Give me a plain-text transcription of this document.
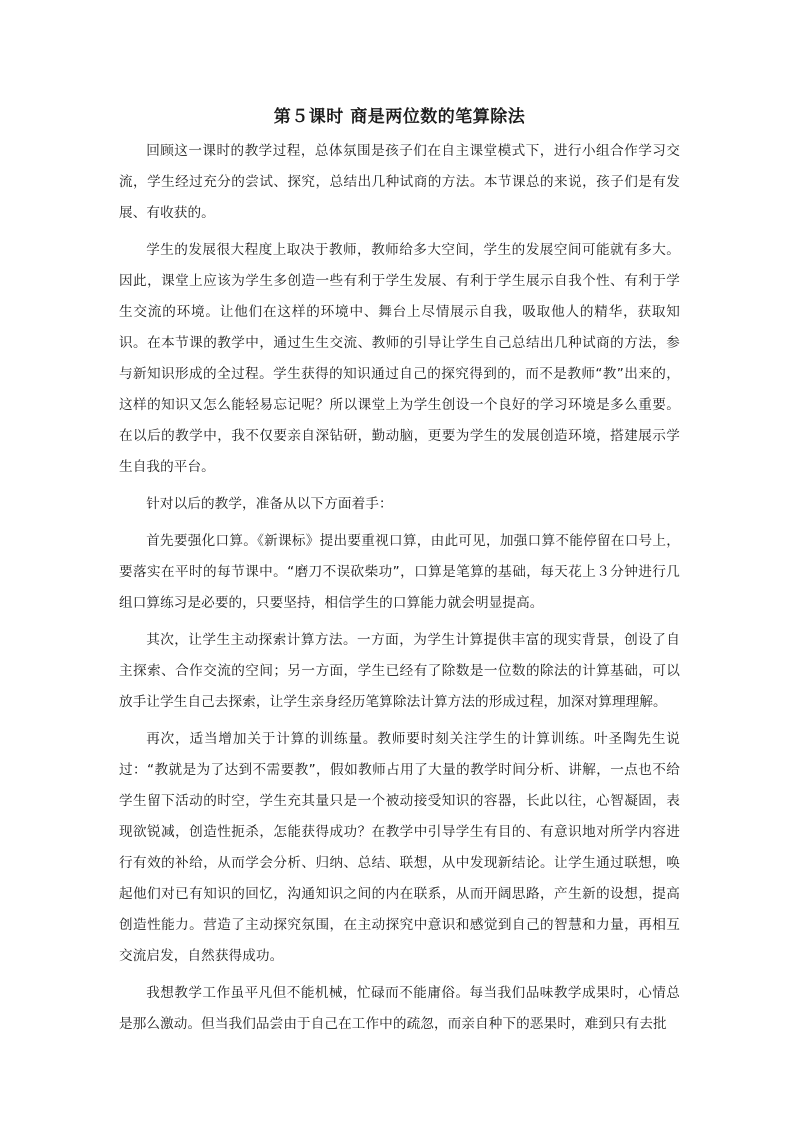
第５课时 商是两位数的笔算除法

回顾这一课时的教学过程，总体氛围是孩子们在自主课堂模式下，进行小组合作学习交流，学生经过充分的尝试、探究，总结出几种试商的方法。本节课总的来说，孩子们是有发展、有收获的。

学生的发展很大程度上取决于教师，教师给多大空间，学生的发展空间可能就有多大。因此，课堂上应该为学生多创造一些有利于学生发展、有利于学生展示自我个性、有利于学生交流的环境。让他们在这样的环境中、舞台上尽情展示自我，吸取他人的精华，获取知识。在本节课的教学中，通过生生交流、教师的引导让学生自己总结出几种试商的方法，参与新知识形成的全过程。学生获得的知识通过自己的探究得到的，而不是教师“教”出来的，这样的知识又怎么能轻易忘记呢？所以课堂上为学生创设一个良好的学习环境是多么重要。在以后的教学中，我不仅要亲自深钻研，勤动脑，更要为学生的发展创造环境，搭建展示学生自我的平台。

针对以后的教学，准备从以下方面着手：

首先要强化口算。《新课标》提出要重视口算，由此可见，加强口算不能停留在口号上，要落实在平时的每节课中。“磨刀不误砍柴功”，口算是笔算的基础，每天花上３分钟进行几组口算练习是必要的，只要坚持，相信学生的口算能力就会明显提高。

其次，让学生主动探索计算方法。一方面，为学生计算提供丰富的现实背景，创设了自主探索、合作交流的空间；另一方面，学生已经有了除数是一位数的除法的计算基础，可以放手让学生自己去探索，让学生亲身经历笔算除法计算方法的形成过程，加深对算理理解。

再次，适当增加关于计算的训练量。教师要时刻关注学生的计算训练。叶圣陶先生说过：“教就是为了达到不需要教”，假如教师占用了大量的教学时间分析、讲解，一点也不给学生留下活动的时空，学生充其量只是一个被动接受知识的容器，长此以往，心智凝固，表现欲锐减，创造性扼杀，怎能获得成功？在教学中引导学生有目的、有意识地对所学内容进行有效的补给，从而学会分析、归纳、总结、联想，从中发现新结论。让学生通过联想，唤起他们对已有知识的回忆，沟通知识之间的内在联系，从而开阔思路，产生新的设想，提高创造性能力。营造了主动探究氛围，在主动探究中意识和感觉到自己的智慧和力量，再相互交流启发，自然获得成功。

我想教学工作虽平凡但不能机械，忙碌而不能庸俗。每当我们品味教学成果时，心情总是那么激动。但当我们品尝由于自己在工作中的疏忽，而亲自种下的恶果时，难到只有去批
